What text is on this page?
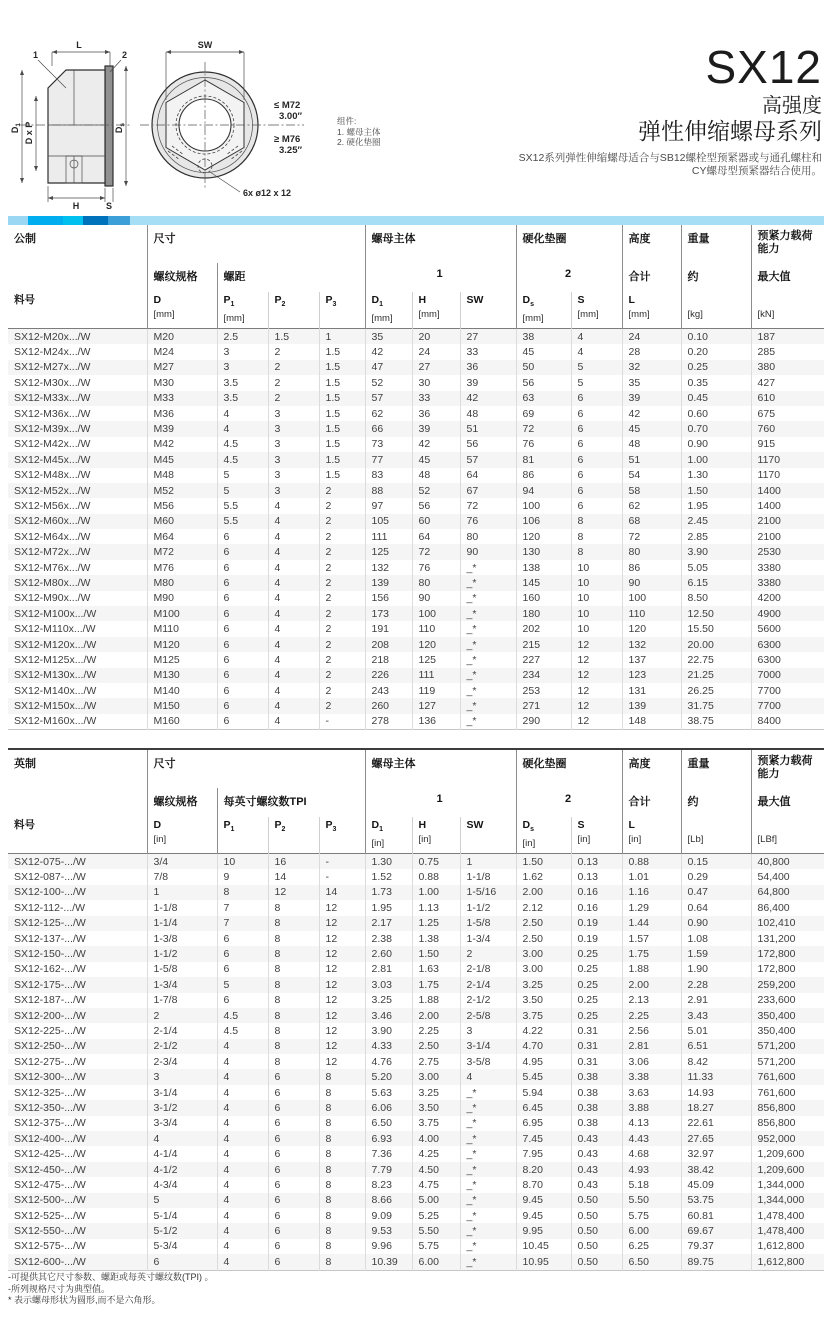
L
1	2
$D_1$ D x P	$D_s$
H	S
SW
≤ M72
3.00″
≥ M76
3.25″
6x ø12 x 12
组件:
1. 螺母主体
2. 硬化垫圈
SX12
高强度
弹性伸缩螺母系列
SX12系列弹性伸缩螺母适合与SB12螺栓型预紧器或与通孔螺柱和
CY螺母型预紧器结合使用。
公制	尺寸				螺母主体			硬化垫圈		高度	重量	预紧力载荷能力
	螺纹规格	螺距			1			2		合计	约	最大值

料号	D
[mm]

$P_1$
[mm]

$P_2$	$P_3$	$D_1$
[mm]

H
[mm]

SW	$D_s$
[mm]

S
[mm]

L
[mm]	[kg]	[kN]

SX12-M20x.../W	M20	2.5	1.5	1	35	20	27	38	4	24	0.10	187
SX12-M24x.../W	M24	3	2	1.5	42	24	33	45	4	28	0.20	285
SX12-M27x.../W	M27	3	2	1.5	47	27	36	50	5	32	0.25	380
SX12-M30x.../W	M30	3.5	2	1.5	52	30	39	56	5	35	0.35	427
SX12-M33x.../W	M33	3.5	2	1.5	57	33	42	63	6	39	0.45	610
SX12-M36x.../W	M36	4	3	1.5	62	36	48	69	6	42	0.60	675
SX12-M39x.../W	M39	4	3	1.5	66	39	51	72	6	45	0.70	760
SX12-M42x.../W	M42	4.5	3	1.5	73	42	56	76	6	48	0.90	915
SX12-M45x.../W	M45	4.5	3	1.5	77	45	57	81	6	51	1.00	1170
SX12-M48x.../W	M48	5	3	1.5	83	48	64	86	6	54	1.30	1170
SX12-M52x.../W	M52	5	3	2	88	52	67	94	6	58	1.50	1400
SX12-M56x.../W	M56	5.5	4	2	97	56	72	100	6	62	1.95	1400
SX12-M60x.../W	M60	5.5	4	2	105	60	76	106	8	68	2.45	2100
SX12-M64x.../W	M64	6	4	2	111	64	80	120	8	72	2.85	2100
SX12-M72x.../W	M72	6	4	2	125	72	90	130	8	80	3.90	2530
SX12-M76x.../W	M76	6	4	2	132	76	_*	138	10	86	5.05	3380
SX12-M80x.../W	M80	6	4	2	139	80	_*	145	10	90	6.15	3380
SX12-M90x.../W	M90	6	4	2	156	90	_*	160	10	100	8.50	4200
SX12-M100x.../W	M100	6	4	2	173	100	_*	180	10	110	12.50	4900
SX12-M110x.../W	M110	6	4	2	191	110	_*	202	10	120	15.50	5600
SX12-M120x.../W	M120	6	4	2	208	120	_*	215	12	132	20.00	6300
SX12-M125x.../W	M125	6	4	2	218	125	_*	227	12	137	22.75	6300
SX12-M130x.../W	M130	6	4	2	226	111	_*	234	12	123	21.25	7000
SX12-M140x.../W	M140	6	4	2	243	119	_*	253	12	131	26.25	7700
SX12-M150x.../W	M150	6	4	2	260	127	_*	271	12	139	31.75	7700
SX12-M160x.../W	M160	6	4	-	278	136	_*	290	12	148	38.75	8400
英制	尺寸				螺母主体			硬化垫圈		高度	重量	预紧力载荷能力
	螺纹规格	每英寸螺纹数TPI			1			2		合计	约	最大值

料号	D
[in]

$P_1$	$P_2$	$P_3$	$D_1$
[in]

H
[in]

SW	$D_s$
[in]

S
[in]

L
[in]	[Lb]	[LBf]

SX12-075-.../W	3/4	10	16	-	1.30	0.75	1	1.50	0.13	0.88	0.15	40,800
SX12-087-.../W	7/8	9	14	-	1.52	0.88	1-1/8	1.62	0.13	1.01	0.29	54,400
SX12-100-.../W	1	8	12	14	1.73	1.00	1-5/16	2.00	0.16	1.16	0.47	64,800
SX12-112-.../W	1-1/8	7	8	12	1.95	1.13	1-1/2	2.12	0.16	1.29	0.64	86,400
SX12-125-.../W	1-1/4	7	8	12	2.17	1.25	1-5/8	2.50	0.19	1.44	0.90	102,410
SX12-137-.../W	1-3/8	6	8	12	2.38	1.38	1-3/4	2.50	0.19	1.57	1.08	131,200
SX12-150-.../W	1-1/2	6	8	12	2.60	1.50	2	3.00	0.25	1.75	1.59	172,800
SX12-162-.../W	1-5/8	6	8	12	2.81	1.63	2-1/8	3.00	0.25	1.88	1.90	172,800
SX12-175-.../W	1-3/4	5	8	12	3.03	1.75	2-1/4	3.25	0.25	2.00	2.28	259,200
SX12-187-.../W	1-7/8	6	8	12	3.25	1.88	2-1/2	3.50	0.25	2.13	2.91	233,600
SX12-200-.../W	2	4.5	8	12	3.46	2.00	2-5/8	3.75	0.25	2.25	3.43	350,400
SX12-225-.../W	2-1/4	4.5	8	12	3.90	2.25	3	4.22	0.31	2.56	5.01	350,400
SX12-250-.../W	2-1/2	4	8	12	4.33	2.50	3-1/4	4.70	0.31	2.81	6.51	571,200
SX12-275-.../W	2-3/4	4	8	12	4.76	2.75	3-5/8	4.95	0.31	3.06	8.42	571,200
SX12-300-.../W	3	4	6	8	5.20	3.00	4	5.45	0.38	3.38	11.33	761,600
SX12-325-.../W	3-1/4	4	6	8	5.63	3.25	_*	5.94	0.38	3.63	14.93	761,600
SX12-350-.../W	3-1/2	4	6	8	6.06	3.50	_*	6.45	0.38	3.88	18.27	856,800
SX12-375-.../W	3-3/4	4	6	8	6.50	3.75	_*	6.95	0.38	4.13	22.61	856,800
SX12-400-.../W	4	4	6	8	6.93	4.00	_*	7.45	0.43	4.43	27.65	952,000
SX12-425-.../W	4-1/4	4	6	8	7.36	4.25	_*	7.95	0.43	4.68	32.97	1,209,600
SX12-450-.../W	4-1/2	4	6	8	7.79	4.50	_*	8.20	0.43	4.93	38.42	1,209,600
SX12-475-.../W	4-3/4	4	6	8	8.23	4.75	_*	8.70	0.43	5.18	45.09	1,344,000
SX12-500-.../W	5	4	6	8	8.66	5.00	_*	9.45	0.50	5.50	53.75	1,344,000
SX12-525-.../W	5-1/4	4	6	8	9.09	5.25	_*	9.45	0.50	5.75	60.81	1,478,400
SX12-550-.../W	5-1/2	4	6	8	9.53	5.50	_*	9.95	0.50	6.00	69.67	1,478,400
SX12-575-.../W	5-3/4	4	6	8	9.96	5.75	_*	10.45	0.50	6.25	79.37	1,612,800
SX12-600-.../W	6	4	6	8	10.39	6.00	_*	10.95	0.50	6.50	89.75	1,612,800
-可提供其它尺寸参数、螺距或每英寸螺纹数(TPI) 。
-所列规格尺寸为典型值。
* 表示螺母形状为圆形,而不是六角形。
